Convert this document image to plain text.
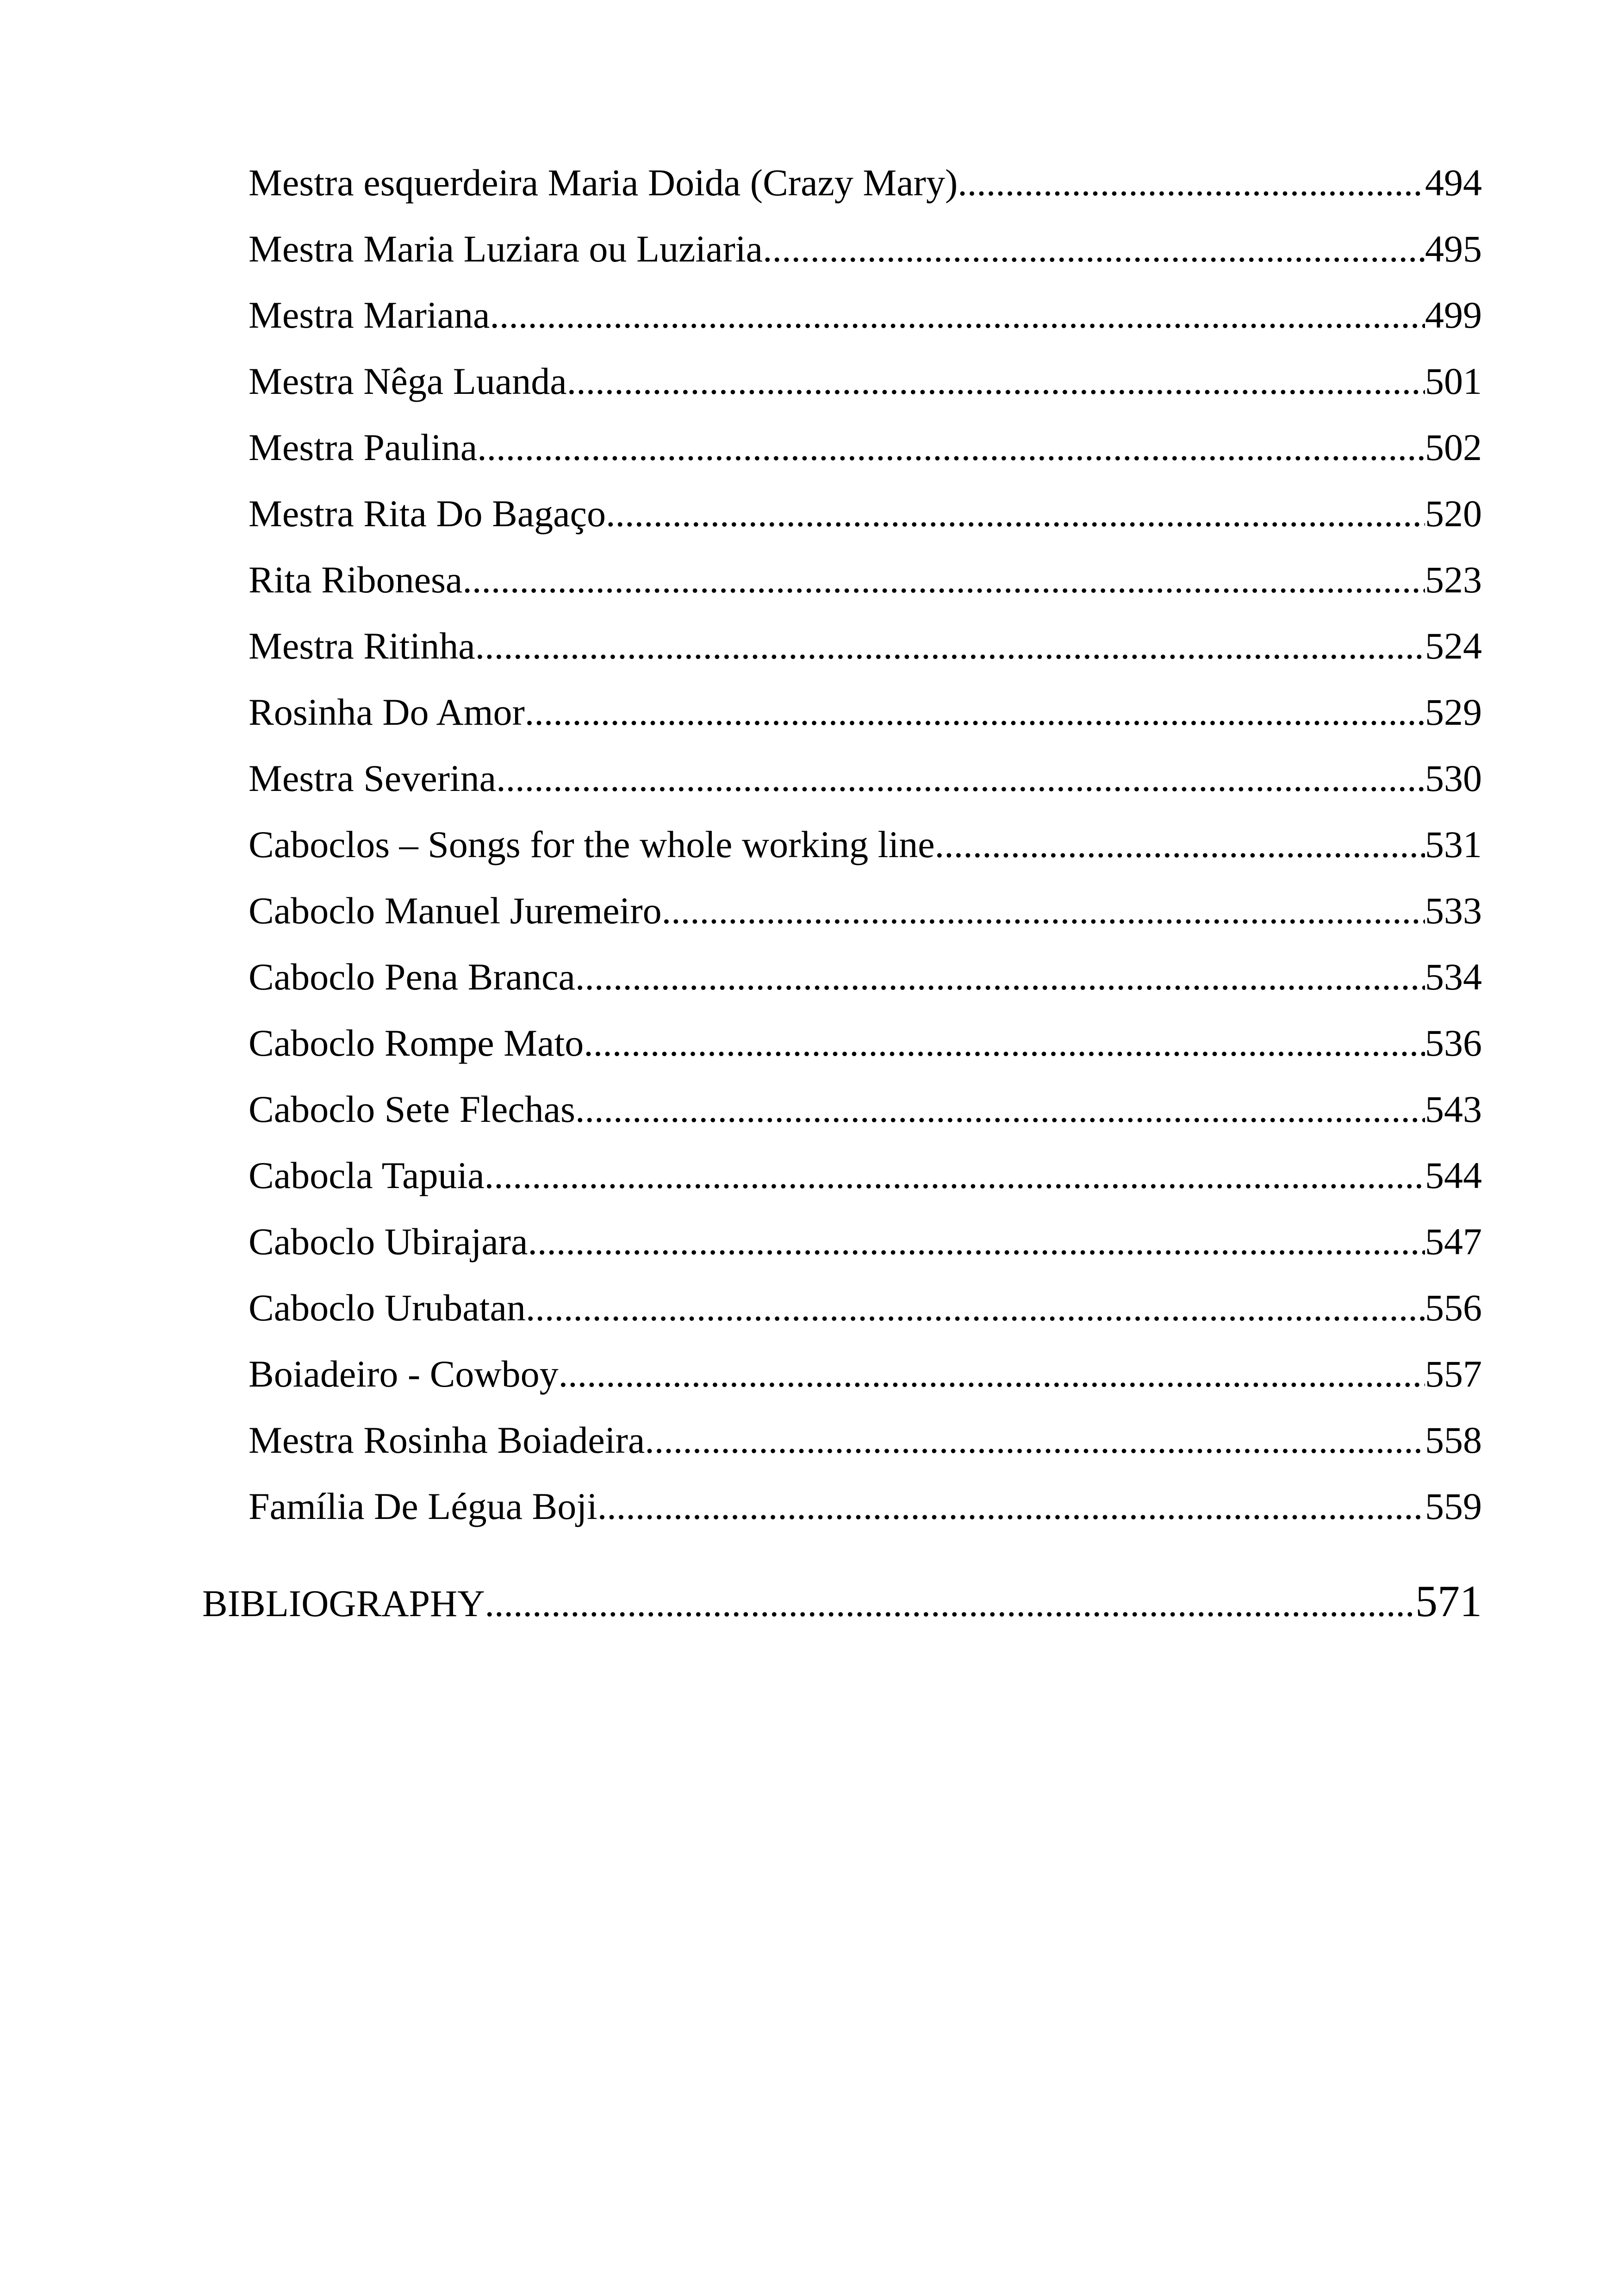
Mestra esquerdeira Maria Doida (Crazy Mary) .....	494
Mestra Maria Luziara ou Luziaria .....	495
Mestra Mariana .....	499
Mestra Nêga Luanda .....	501
Mestra Paulina .....	502
Mestra Rita Do Bagaço .....	520
Rita Ribonesa .....	523
Mestra Ritinha .....	524
Rosinha Do Amor .....	529
Mestra Severina .....	530
Caboclos – Songs for the whole working line .....	531
Caboclo Manuel Juremeiro .....	533
Caboclo Pena Branca .....	534
Caboclo Rompe Mato .....	536
Caboclo Sete Flechas .....	543
Cabocla Tapuia .....	544
Caboclo Ubirajara .....	547
Caboclo Urubatan .....	556
Boiadeiro - Cowboy .....	557
Mestra Rosinha Boiadeira .....	558
Família De Légua Boji .....	559
BIBLIOGRAPHY .....	571
